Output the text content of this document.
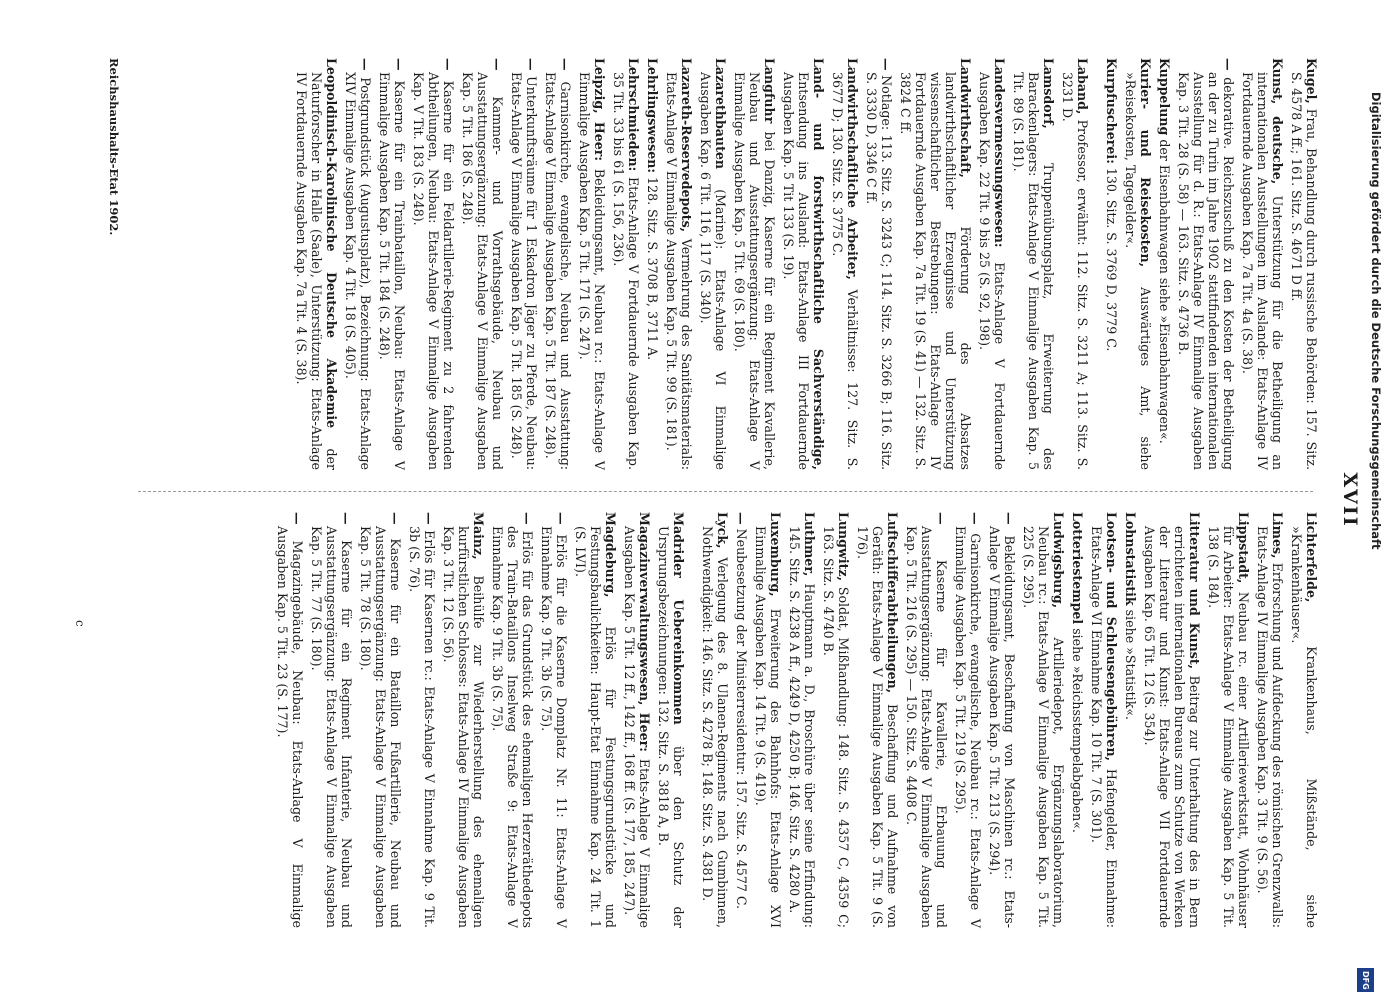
XVII
Kugel, Frau, Behandlung durch russische Behörden: 157. Sitz. S. 4578 A ff.; 161. Sitz. S. 4671 D ff.
Kunst, deutsche, Unterstützung für die Betheiligung an internationalen Ausstellungen im Auslande: Etats-Anlage IV Fortdauernde Ausgaben Kap. 7a Tit. 4a (S. 38).
— dekorative. Reichszuschuß zu den Kosten der Betheiligung an der zu Turin im Jahre 1902 stattfindenden internationalen Ausstellung für d. R.: Etats-Anlage IV Einmalige Ausgaben Kap. 3 Tit. 28 (S. 58) — 163. Sitz. S. 4736 B.
Kuppelung der Eisenbahnwagen siehe »Eisenbahnwagen«.
Kurier- und Reisekosten, Auswärtiges Amt, siehe »Reisekosten, Tagegelder«.
Kurpfuscherei: 130. Sitz. S. 3769 D, 3779 C.
Laband, Professor, erwähnt: 112. Sitz. S. 3211 A; 113. Sitz. S. 3231 D.
Lamsdorf, Truppenübungsplatz, Erweiterung des Barackenlagers: Etats-Anlage V Einmalige Ausgaben Kap. 5 Tit. 89 (S. 181).
Landesvermessungswesen: Etats-Anlage V Fortdauernde Ausgaben Kap. 22 Tit. 9 bis 25 (S. 92, 198).
Landwirthschaft, Förderung des Absatzes landwirthschaftlicher Erzeugnisse und Unterstützung wissenschaftlicher Bestrebungen: Etats-Anlage IV Fortdauernde Ausgaben Kap. 7a Tit. 19 (S. 41) — 132. Sitz. S. 3824 C ff.
— Notlage: 113. Sitz. S. 3243 C; 114. Sitz. S. 3266 B; 116. Sitz. S. 3330 D, 3346 C ff.
Landwirthschaftliche Arbeiter, Verhältnisse: 127. Sitz. S. 3677 D; 130. Sitz. S. 3775 C.
Land- und forstwirthschaftliche Sachverständige, Entsendung ins Ausland: Etats-Anlage III Fortdauernde Ausgaben Kap. 5 Tit 133 (S. 19).
Langfuhr bei Danzig, Kaserne für ein Regiment Kavallerie, Neubau und Ausstattungsergänzung: Etats-Anlage V Einmalige Ausgaben Kap. 5 Tit. 69 (S. 180).
Lazarethbauten (Marine): Etats-Anlage VI Einmalige Ausgaben Kap. 6 Tit. 116, 117 (S. 340).
Lazareth-Reservedepots, Vermehrung des Sanitätsmaterials: Etats-Anlage V Einmalige Ausgaben Kap. 5 Tit. 99 (S. 181).
Lehrlingswesen: 128. Sitz. S. 3708 B, 3711 A.
Lehrschmieden: Etats-Anlage V Fortdauernde Ausgaben Kap. 35 Tit. 33 bis 61 (S. 156, 236).
Leipzig, Heer: Bekleidungsamt, Neubau rc.: Etats-Anlage V Einmalige Ausgaben Kap. 5 Tit. 171 (S. 247).
— Garnisonkirche, evangelische, Neubau und Ausstattung: Etats-Anlage V Einmalige Ausgaben Kap. 5 Tit. 187 (S. 248).
— Unterkunftsräume für 1 Eskadron Jäger zu Pferde, Neubau: Etats-Anlage V Einmalige Ausgaben Kap. 5 Tit. 185 (S. 248).
— Kammer- und Vorrathsgebäude, Neubau und Ausstattungsergänzung: Etats-Anlage V Einmalige Ausgaben Kap. 5 Tit. 186 (S. 248).
— Kaserne für ein Feldartillerie-Regiment zu 2 fahrenden Abtheilungen, Neubau: Etats-Anlage V Einmalige Ausgaben Kap. V Tit. 183 (S. 248).
— Kaserne für ein Trainbataillon, Neubau: Etats-Anlage V Einmalige Ausgaben Kap. 5 Tit. 184 (S. 248).
— Postgrundstück (Augustusplatz), Bezeichnung: Etats-Anlage XIV Einmalige Ausgaben Kap. 4 Tit. 18 (S. 405).
Leopoldinisch-Karolinische Deutsche Akademie der Naturforscher in Halle (Saale), Unterstützung: Etats-Anlage IV Fortdauernde Ausgaben Kap. 7a Tit. 4 (S. 38).
Lichterfelde, Krankenhaus, Mißstände, siehe »Krankenhäuser«.
Limes, Erforschung und Aufdeckung des römischen Grenzwalls: Etats-Anlage IV Einmalige Ausgaben Kap. 3 Tit. 9 (S. 56).
Lippstadt, Neubau rc. einer Artilleriewerkstatt, Wohnhäuser für Arbeiter: Etats-Anlage V Einmalige Ausgaben Kap. 5 Tit. 138 (S. 184).
Litteratur und Kunst, Beitrag zur Unterhaltung des in Bern errichteten internationalen Bureaus zum Schutze von Werken der Litteratur und Kunst: Etats-Anlage VII Fortdauernde Ausgaben Kap. 65 Tit. 12 (S. 354).
Lohnstatistik siehe »Statistik«.
Lootsen- und Schleusengebühren, Hafengelder, Einnahme: Etats-Anlage VI Einnahme Kap. 10 Tit. 7 (S. 301).
Lotteriestempel siehe »Reichsstempelabgaben«.
Ludwigsburg, Artilleriedepot, Ergänzungslaboratorium, Neubau rc.: Etats-Anlage V Einmalige Ausgaben Kap. 5 Tit. 225 (S. 295).
— Bekleidungsamt, Beschaffung von Maschinen rc.: Etats-Anlage V Einmalige Ausgaben Kap. 5 Tit. 213 (S. 294).
— Garnisonkirche, evangelische, Neubau rc.: Etats-Anlage V Einmalige Ausgaben Kap. 5 Tit. 219 (S. 295).
— Kaserne für Kavallerie, Erbauung und Ausstattungsergänzung: Etats-Anlage V Einmalige Ausgaben Kap. 5 Tit. 216 (S. 295) — 150. Sitz. S. 4408 C.
Luftschifferabtheilungen, Beschaffung und Aufnahme von Geräth: Etats-Anlage V Einmalige Ausgaben Kap. 5 Tit. 9 (S. 176).
Lungwitz, Soldat, Mißhandlung: 148. Sitz. S. 4357 C, 4359 C; 163. Sitz. S. 4740 B.
Luthmer, Hauptmann a. D., Broschüre über seine Erfindung: 145. Sitz. S. 4238 A ff., 4249 D, 4250 B; 146. Sitz. S. 4280 A.
Luxemburg, Erweiterung des Bahnhofs: Etats-Anlage XVI Einmalige Ausgaben Kap. 14 Tit. 9 (S. 419).
— Neubesetzung der Ministerresidentur: 157. Sitz. S. 4577 C.
Lyck, Verlegung des 8. Ulanen-Regiments nach Gumbinnen, Nothwendigkeit: 146. Sitz. S. 4278 B; 148. Sitz. S. 4381 D.
Madrider Uebereinkommen über den Schutz der Ursprungsbezeichnungen: 132. Sitz. S. 3818 A, B.
Magazinverwaltungswesen, Heer: Etats-Anlage V Einmalige Ausgaben Kap. 5 Tit. 12 ff., 142 ff., 168 ff. (S. 177, 185, 247).
Magdeburg, Erlös für Festungsgrundstücke und Festungsbaulichkeiten: Haupt-Etat Einnahme Kap. 24 Tit. 1 (S. LVI).
— Erlös für die Kaserne Domplatz Nr. 11: Etats-Anlage V Einnahme Kap. 9 Tit. 3b (S. 75).
— Erlös für das Grundstück des ehemaligen Herzeräthedepots des Train-Bataillons Inselweg Straße 9: Etats-Anlage V Einnahme Kap. 9 Tit. 3b (S. 75).
Mainz, Beihülfe zur Wiederherstellung des ehemaligen kurfürstlichen Schlosses: Etats-Anlage IV Einmalige Ausgaben Kap. 3 Tit. 12 (S. 56).
— Erlös für Kasernen rc.: Etats-Anlage V Einnahme Kap. 9 Tit. 3b (S. 76).
— Kaserne für ein Bataillon Fußartillerie, Neubau und Ausstattungsergänzung: Etats-Anlage V Einmalige Ausgaben Kap. 5 Tit. 78 (S. 180).
— Kaserne für ein Regiment Infanterie, Neubau und Ausstattungsergänzung: Etats-Anlage V Einmalige Ausgaben Kap. 5 Tit. 77 (S. 180).
— Magazingebäude, Neubau: Etats-Anlage V Einmalige Ausgaben Kap. 5 Tit. 23 (S. 177).
Reichshaushalts-Etat 1902.
c
Digitalisierung gefördert durch die Deutsche Forschungsgemeinschaft
DFG
